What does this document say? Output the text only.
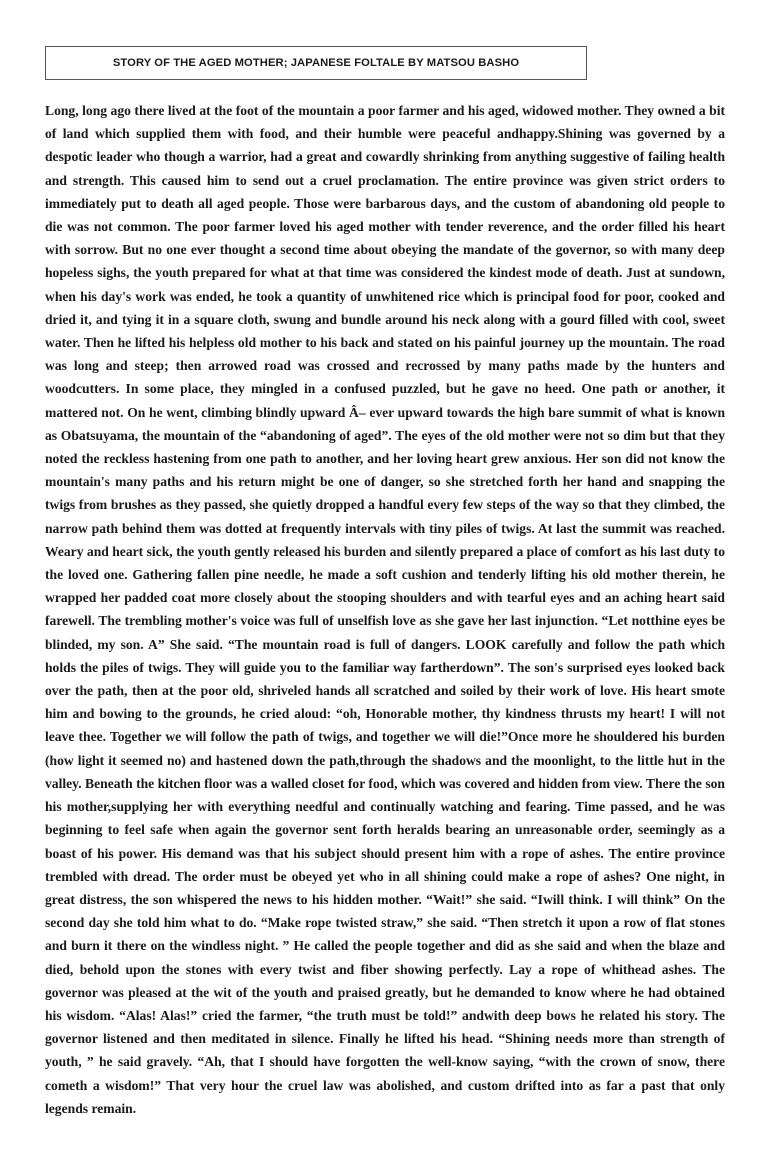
STORY OF THE AGED MOTHER; JAPANESE FOLTALE BY MATSOU BASHO

Long, long ago there lived at the foot of the mountain a poor farmer and his aged, widowed mother. They owned a bit of land which supplied them with food, and their humble were peaceful andhappy.Shining was governed by a despotic leader who though a warrior, had a great and cowardly shrinking from anything suggestive of failing health and strength. This caused him to send out a cruel proclamation. The entire province was given strict orders to immediately put to death all aged people. Those were barbarous days, and the custom of abandoning old people to die was not common. The poor farmer loved his aged mother with tender reverence, and the order filled his heart with sorrow. But no one ever thought a second time about obeying the mandate of the governor, so with many deep hopeless sighs, the youth prepared for what at that time was considered the kindest mode of death. Just at sundown, when his day's work was ended, he took a quantity of unwhitened rice which is principal food for poor, cooked and dried it, and tying it in a square cloth, swung and bundle around his neck along with a gourd filled with cool, sweet water. Then he lifted his helpless old mother to his back and stated on his painful journey up the mountain. The road was long and steep; then arrowed road was crossed and recrossed by many paths made by the hunters and woodcutters. In some place, they mingled in a confused puzzled, but he gave no heed. One path or another, it mattered not. On he went, climbing blindly upward Â– ever upward towards the high bare summit of what is known as Obatsuyama, the mountain of the “abandoning of aged”. The eyes of the old mother were not so dim but that they noted the reckless hastening from one path to another, and her loving heart grew anxious. Her son did not know the mountain's many paths and his return might be one of danger, so she stretched forth her hand and snapping the twigs from brushes as they passed, she quietly dropped a handful every few steps of the way so that they climbed, the narrow path behind them was dotted at frequently intervals with tiny piles of twigs. At last the summit was reached. Weary and heart sick, the youth gently released his burden and silently prepared a place of comfort as his last duty to the loved one. Gathering fallen pine needle, he made a soft cushion and tenderly lifting his old mother therein, he wrapped her padded coat more closely about the stooping shoulders and with tearful eyes and an aching heart said farewell. The trembling mother's voice was full of unselfish love as she gave her last injunction. “Let notthine eyes be blinded, my son. A” She said. “The mountain road is full of dangers. LOOK carefully and follow the path which holds the piles of twigs. They will guide you to the familiar way fartherdown”. The son's surprised eyes looked back over the path, then at the poor old, shriveled hands all scratched and soiled by their work of love. His heart smote him and bowing to the grounds, he cried aloud: “oh, Honorable mother, thy kindness thrusts my heart! I will not leave thee. Together we will follow the path of twigs, and together we will die!”Once more he shouldered his burden (how light it seemed no) and hastened down the path,through the shadows and the moonlight, to the little hut in the valley. Beneath the kitchen floor was a walled closet for food, which was covered and hidden from view. There the son his mother,supplying her with everything needful and continually watching and fearing. Time passed, and he was beginning to feel safe when again the governor sent forth heralds bearing an unreasonable order, seemingly as a boast of his power. His demand was that his subject should present him with a rope of ashes. The entire province trembled with dread. The order must be obeyed yet who in all shining could make a rope of ashes? One night, in great distress, the son whispered the news to his hidden mother. “Wait!” she said. “Iwill think. I will think” On the second day she told him what to do. “Make rope twisted straw,” she said. “Then stretch it upon a row of flat stones and burn it there on the windless night. ” He called the people together and did as she said and when the blaze and died, behold upon the stones with every twist and fiber showing perfectly. Lay a rope of whithead ashes. The governor was pleased at the wit of the youth and praised greatly, but he demanded to know where he had obtained his wisdom. “Alas! Alas!” cried the farmer, “the truth must be told!” andwith deep bows he related his story. The governor listened and then meditated in silence. Finally he lifted his head. “Shining needs more than strength of youth, ” he said gravely. “Ah, that I should have forgotten the well-know saying, “with the crown of snow, there cometh a wisdom!” That very hour the cruel law was abolished, and custom drifted into as far a past that only legends remain.
